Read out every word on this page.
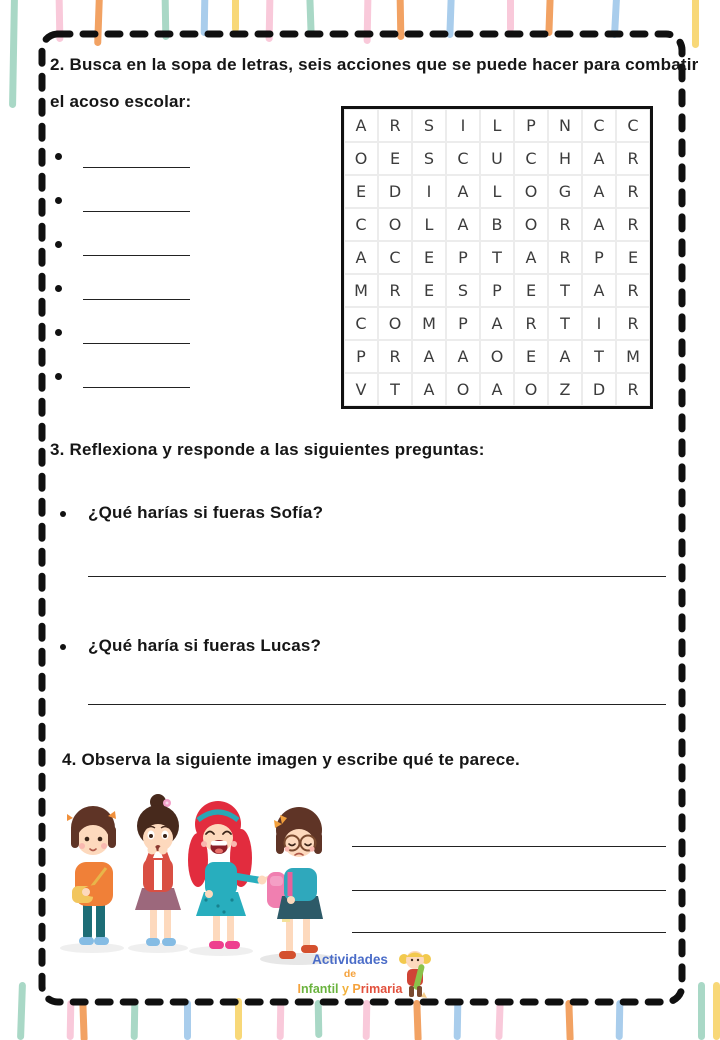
2. Busca en la sopa de letras, seis acciones que se puede hacer para combatir
el acoso escolar:
A	R	S	I	L	P	N	C	C
O	E	S	C	U	C	H	A	R
E	D	I	A	L	O	G	A	R
C	O	L	A	B	O	R	A	R
A	C	E	P	T	A	R	P	E
M	R	E	S	P	E	T	A	R
C	O	M	P	A	R	T	I	R
P	R	A	A	O	E	A	T	M
V	T	A	O	A	O	Z	D	R
3. Reflexiona y responde a las siguientes preguntas:
¿Qué harías si fueras Sofía?
¿Qué haría si fueras Lucas?
4. Observa la siguiente imagen y escribe qué te parece.
Actividades
de
Infantil y Primaria
